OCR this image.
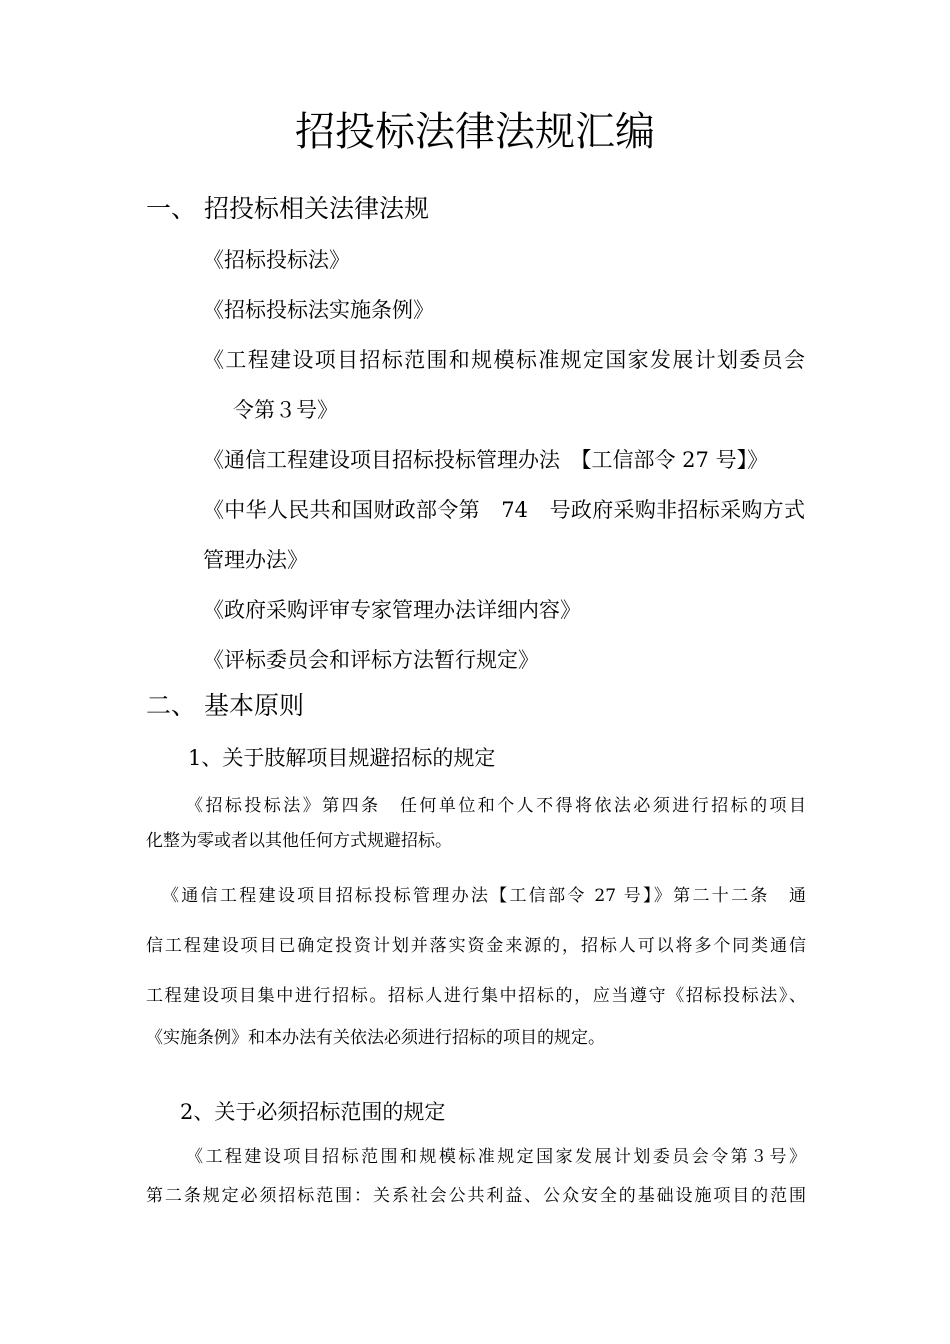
招投标法律法规汇编
一、 招投标相关法律法规
《招标投标法》
《招标投标法实施条例》
《工程建设项目招标范围和规模标准规定国家发展计划委员会
令第３号》
《通信工程建设项目招标投标管理办法　【工信部令 27 号】》
《中华人民共和国财政部令第　74　号政府采购非招标采购方式
管理办法》
《政府采购评审专家管理办法详细内容》
《评标委员会和评标方法暂行规定》
二、 基本原则
1、关于肢解项目规避招标的规定
《招标投标法》第四条　任何单位和个人不得将依法必须进行招标的项目
化整为零或者以其他任何方式规避招标。
《通信工程建设项目招标投标管理办法【工信部令 27 号】》第二十二条　通
信工程建设项目已确定投资计划并落实资金来源的，招标人可以将多个同类通信
工程建设项目集中进行招标。招标人进行集中招标的，应当遵守《招标投标法》、
《实施条例》和本办法有关依法必须进行招标的项目的规定。
2、关于必须招标范围的规定
《工程建设项目招标范围和规模标准规定国家发展计划委员会令第３号》
第二条规定必须招标范围：关系社会公共利益、公众安全的基础设施项目的范围
